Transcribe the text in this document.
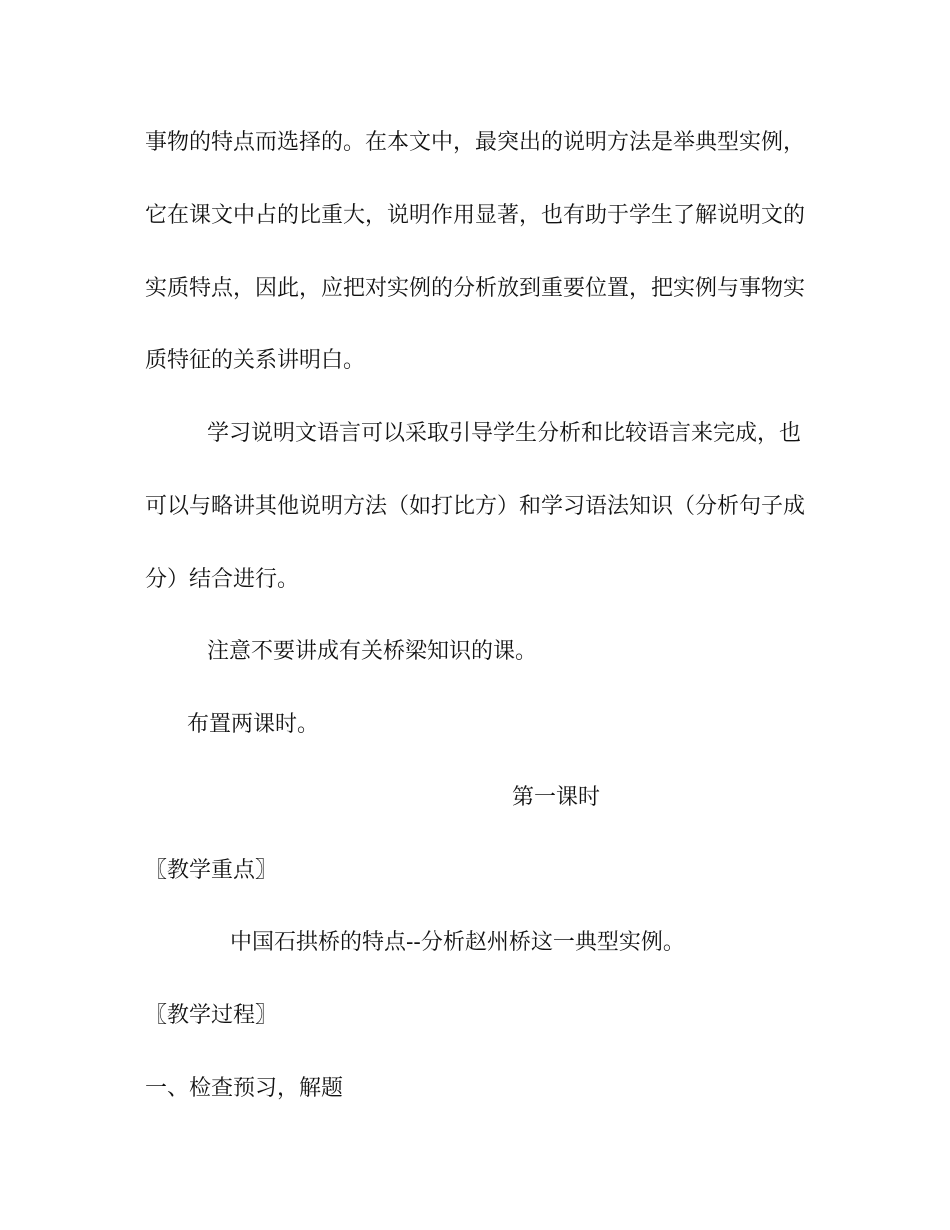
事物的特点而选择的。在本文中，最突出的说明方法是举典型实例，

它在课文中占的比重大，说明作用显著，也有助于学生了解说明文的

实质特点，因此，应把对实例的分析放到重要位置，把实例与事物实

质特征的关系讲明白。

学习说明文语言可以采取引导学生分析和比较语言来完成，也

可以与略讲其他说明方法（如打比方）和学习语法知识（分析句子成

分）结合进行。

注意不要讲成有关桥梁知识的课。

布置两课时。

第一课时

〖教学重点〗

中国石拱桥的特点--分析赵州桥这一典型实例。

〖教学过程〗

一、检查预习，解题
